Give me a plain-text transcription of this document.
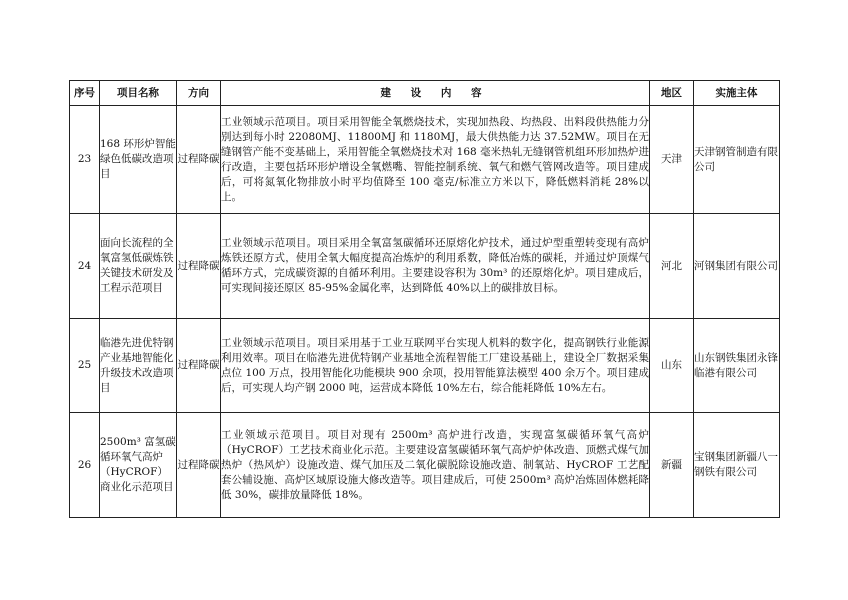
序号	项目名称	方向	建 设 内 容	地区	实施主体
23	168 环形炉智能绿色低碳改造项目	过程降碳	工业领域示范项目。项目采用智能全氧燃烧技术，实现加热段、均热段、出料段供热能力分别达到每小时 22080MJ、11800MJ 和 1180MJ，最大供热能力达 37.52MW。项目在无缝钢管产能不变基础上，采用智能全氧燃烧技术对 168 毫米热轧无缝钢管机组环形加热炉进行改造，主要包括环形炉增设全氧燃嘴、智能控制系统、氧气和燃气管网改造等。项目建成后，可将氮氧化物排放小时平均值降至 100 毫克/标准立方米以下，降低燃料消耗 28%以上。	天津	天津钢管制造有限公司
24	面向长流程的全氧富氢低碳炼铁关键技术研发及工程示范项目	过程降碳	工业领域示范项目。项目采用全氧富氢碳循环还原熔化炉技术，通过炉型重塑转变现有高炉炼铁还原方式，使用全氧大幅度提高冶炼炉的利用系数，降低冶炼的碳耗，并通过炉顶煤气循环方式，完成碳资源的自循环利用。主要建设容积为 30m³ 的还原熔化炉。项目建成后，可实现间接还原区 85-95%金属化率，达到降低 40%以上的碳排放目标。	河北	河钢集团有限公司
25	临港先进优特钢产业基地智能化升级技术改造项目	过程降碳	工业领域示范项目。项目采用基于工业互联网平台实现人机料的数字化，提高钢铁行业能源利用效率。项目在临港先进优特钢产业基地全流程智能工厂建设基础上，建设全厂数据采集点位 100 万点，投用智能化功能模块 900 余项，投用智能算法模型 400 余万个。项目建成后，可实现人均产钢 2000 吨，运营成本降低 10%左右，综合能耗降低 10%左右。	山东	山东钢铁集团永锋临港有限公司
26	2500m³ 富氢碳循环氧气高炉（HyCROF）商业化示范项目	过程降碳	工业领域示范项目。项目对现有 2500m³ 高炉进行改造，实现富氢碳循环氧气高炉（HyCROF）工艺技术商业化示范。主要建设富氢碳循环氧气高炉炉体改造、顶燃式煤气加热炉（热风炉）设施改造、煤气加压及二氧化碳脱除设施改造、制氧站、HyCROF 工艺配套公辅设施、高炉区域原设施大修改造等。项目建成后，可使 2500m³ 高炉冶炼固体燃耗降低 30%，碳排放量降低 18%。	新疆	宝钢集团新疆八一钢铁有限公司
